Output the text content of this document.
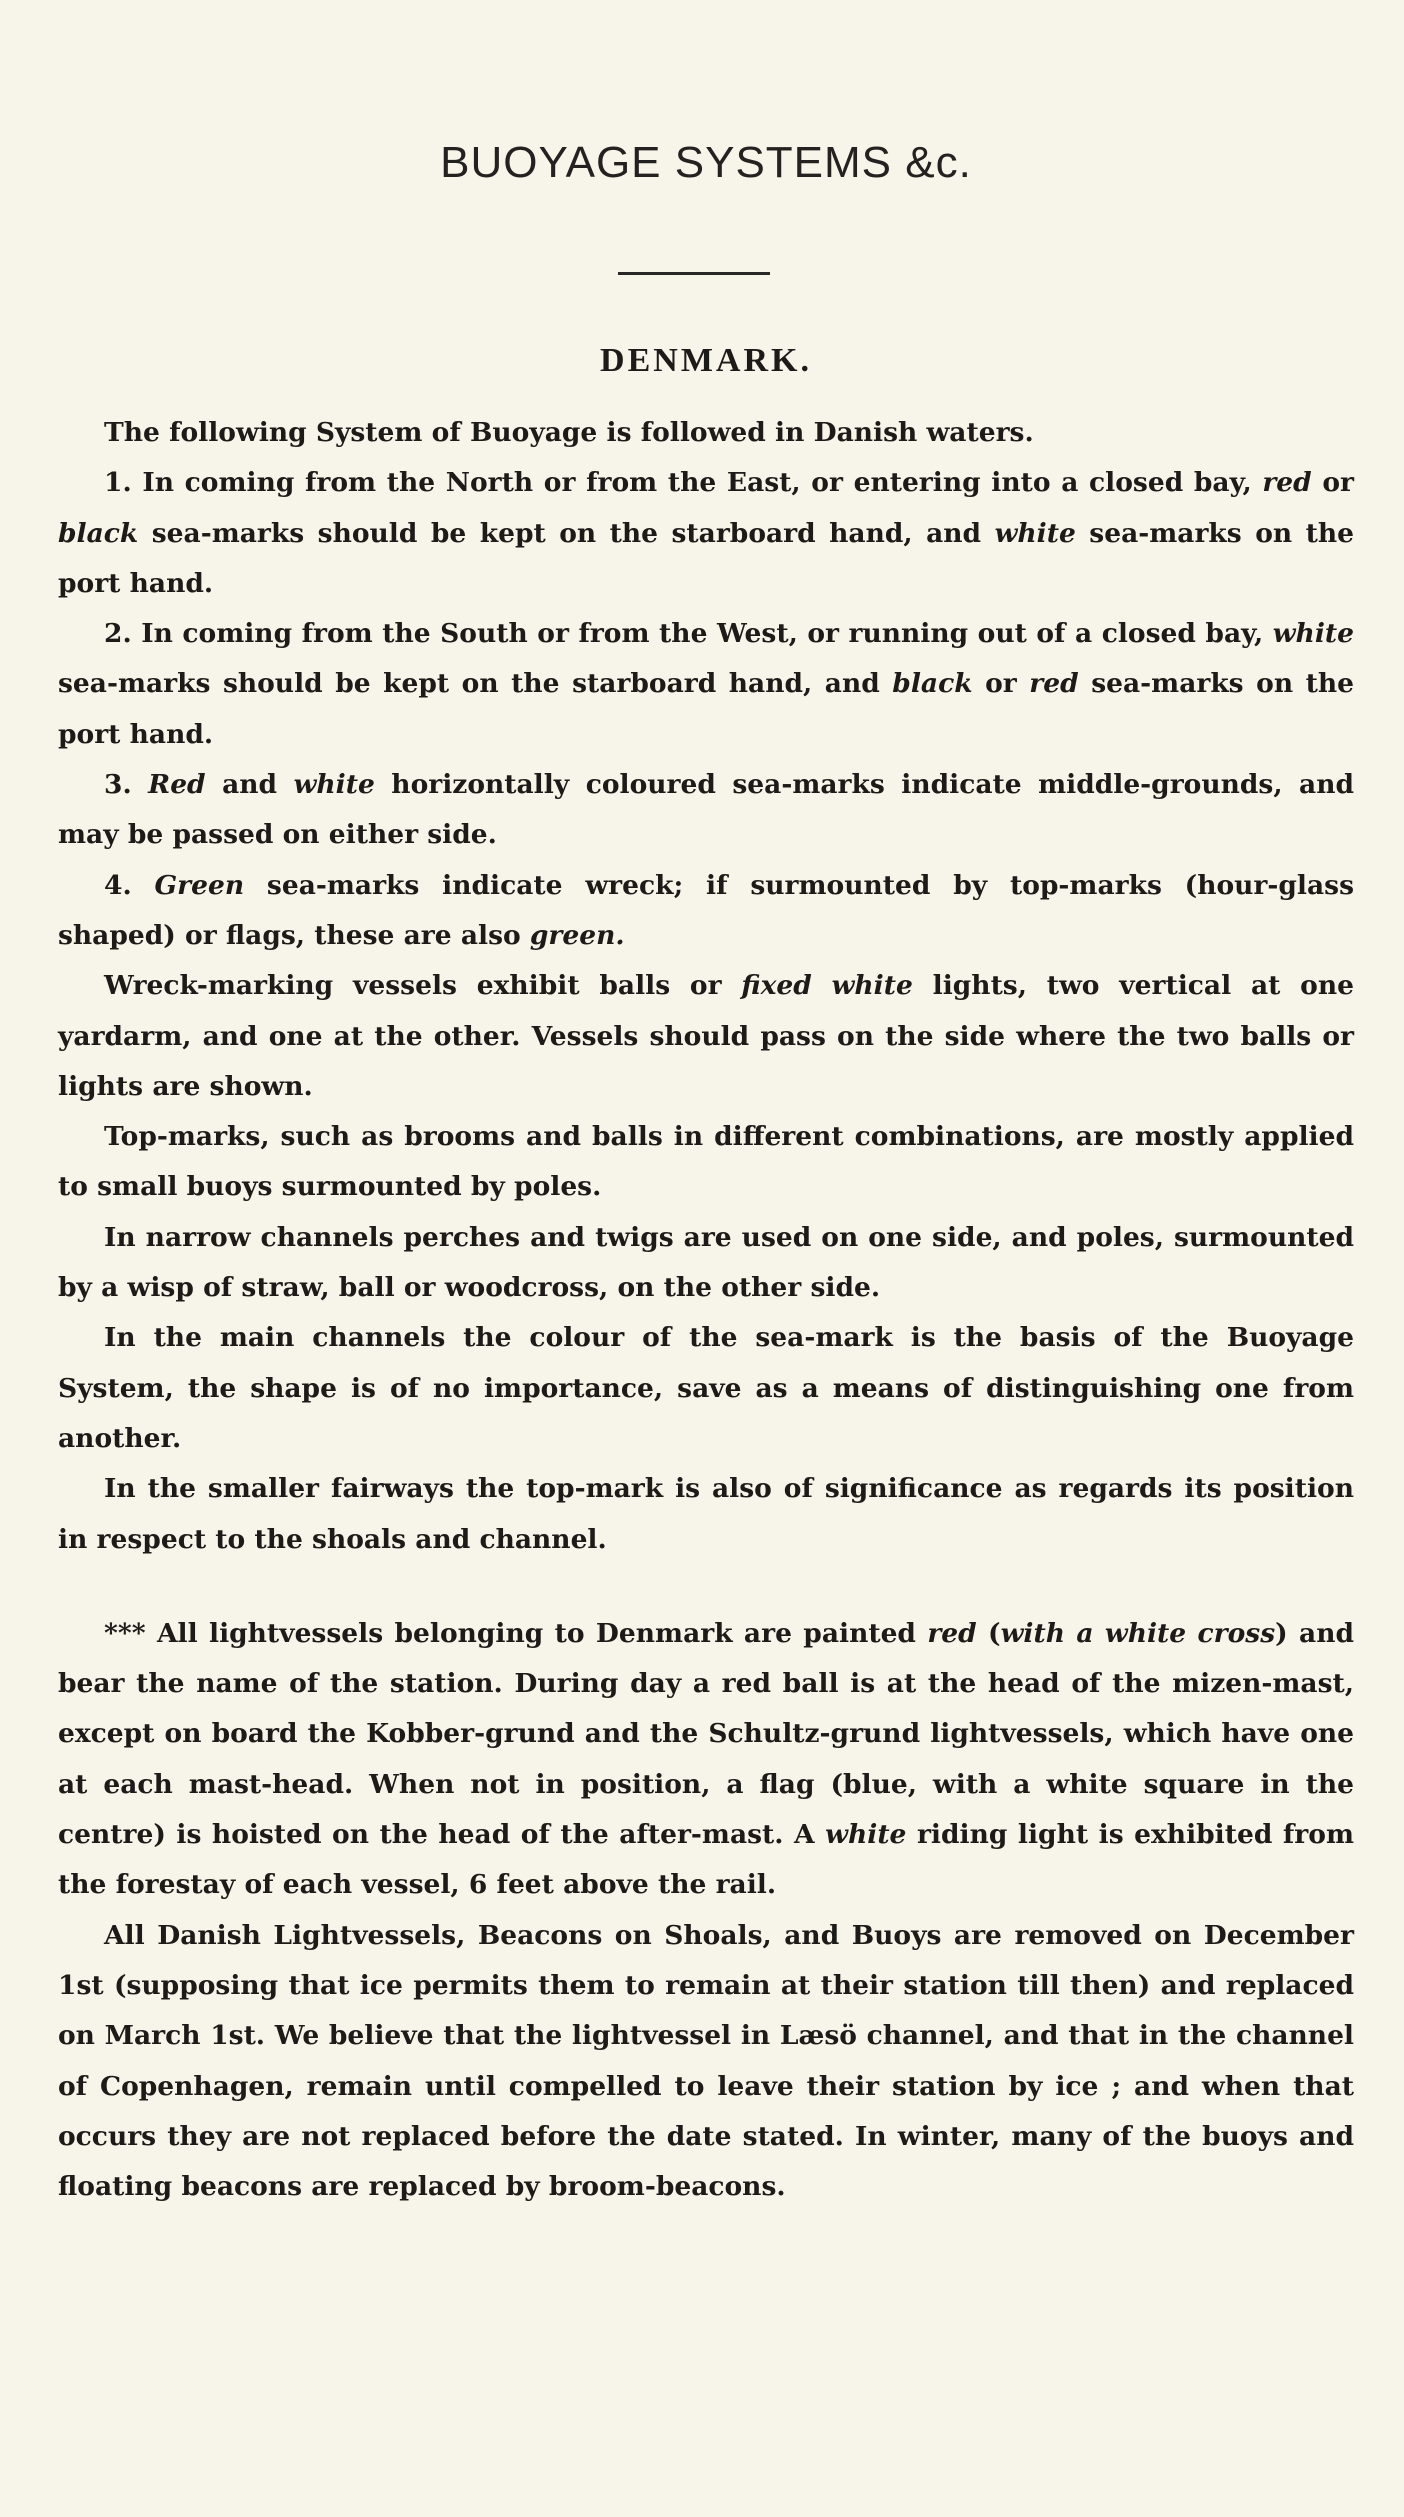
BUOYAGE SYSTEMS &c.
DENMARK.

The following System of Buoyage is followed in Danish waters.

1. In coming from the North or from the East, or entering into a closed bay, red or black sea-marks should be kept on the starboard hand, and white sea-marks on the port hand.

2. In coming from the South or from the West, or running out of a closed bay, white sea-marks should be kept on the starboard hand, and black or red sea-marks on the port hand.

3. Red and white horizontally coloured sea-marks indicate middle-grounds, and may be passed on either side.

4. Green sea-marks indicate wreck; if surmounted by top-marks (hour-glass shaped) or flags, these are also green.

Wreck-marking vessels exhibit balls or fixed white lights, two vertical at one yardarm, and one at the other. Vessels should pass on the side where the two balls or lights are shown.

Top-marks, such as brooms and balls in different combinations, are mostly applied to small buoys surmounted by poles.

In narrow channels perches and twigs are used on one side, and poles, surmounted by a wisp of straw, ball or woodcross, on the other side.

In the main channels the colour of the sea-mark is the basis of the Buoyage System, the shape is of no importance, save as a means of distinguishing one from another.

In the smaller fairways the top-mark is also of significance as regards its position in respect to the shoals and channel.

*** All lightvessels belonging to Denmark are painted red (with a white cross) and bear the name of the station. During day a red ball is at the head of the mizen-mast, except on board the Kobber-grund and the Schultz-grund lightvessels, which have one at each mast-head. When not in position, a flag (blue, with a white square in the centre) is hoisted on the head of the after-mast. A white riding light is exhibited from the forestay of each vessel, 6 feet above the rail.

All Danish Lightvessels, Beacons on Shoals, and Buoys are removed on December 1st (supposing that ice permits them to remain at their station till then) and replaced on March 1st. We believe that the lightvessel in Læsö channel, and that in the channel of Copenhagen, remain until compelled to leave their station by ice ; and when that occurs they are not replaced before the date stated. In winter, many of the buoys and floating beacons are replaced by broom-beacons.
